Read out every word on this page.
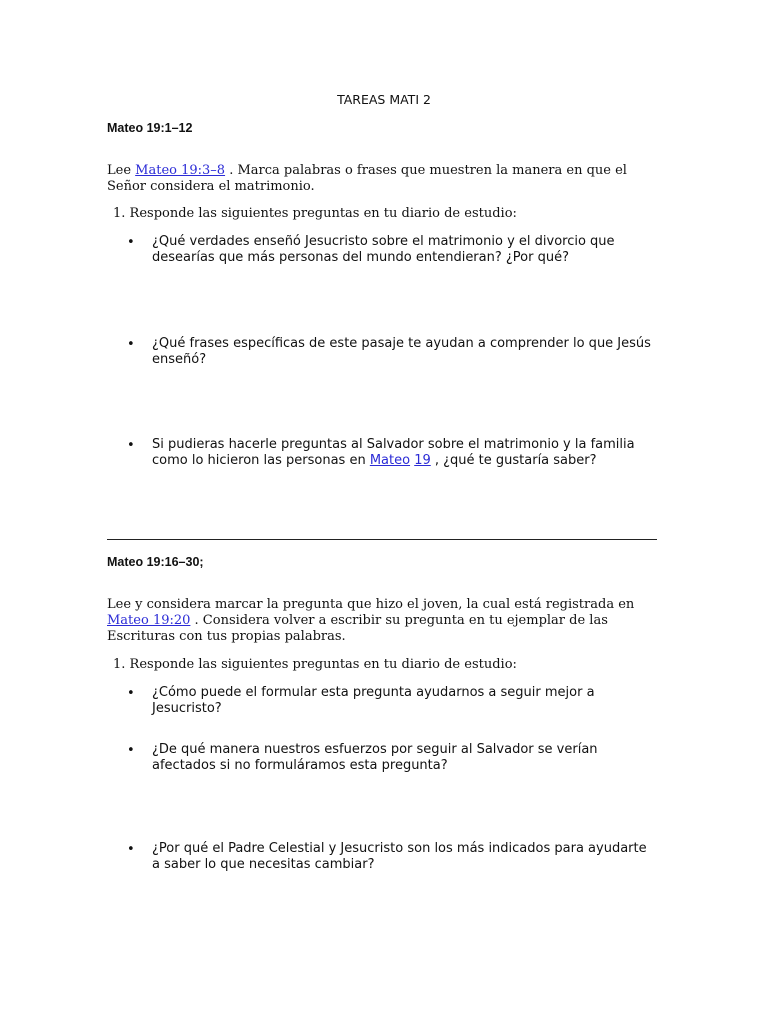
TAREAS MATI 2
Mateo 19:1–12
Lee Mateo 19:3–8 . Marca palabras o frases que muestren la manera en que el Señor considera el matrimonio.
1. Responde las siguientes preguntas en tu diario de estudio:
•	¿Qué verdades enseñó Jesucristo sobre el matrimonio y el divorcio que desearías que más personas del mundo entendieran? ¿Por qué?
•	¿Qué frases específicas de este pasaje te ayudan a comprender lo que Jesús enseñó?
•	Si pudieras hacerle preguntas al Salvador sobre el matrimonio y la familia como lo hicieron las personas en Mateo 19 , ¿qué te gustaría saber?
Mateo 19:16–30;
Lee y considera marcar la pregunta que hizo el joven, la cual está registrada en Mateo 19:20 . Considera volver a escribir su pregunta en tu ejemplar de las Escrituras con tus propias palabras.
1. Responde las siguientes preguntas en tu diario de estudio:
•	¿Cómo puede el formular esta pregunta ayudarnos a seguir mejor a Jesucristo?
•	¿De qué manera nuestros esfuerzos por seguir al Salvador se verían afectados si no formuláramos esta pregunta?
•	¿Por qué el Padre Celestial y Jesucristo son los más indicados para ayudarte a saber lo que necesitas cambiar?
